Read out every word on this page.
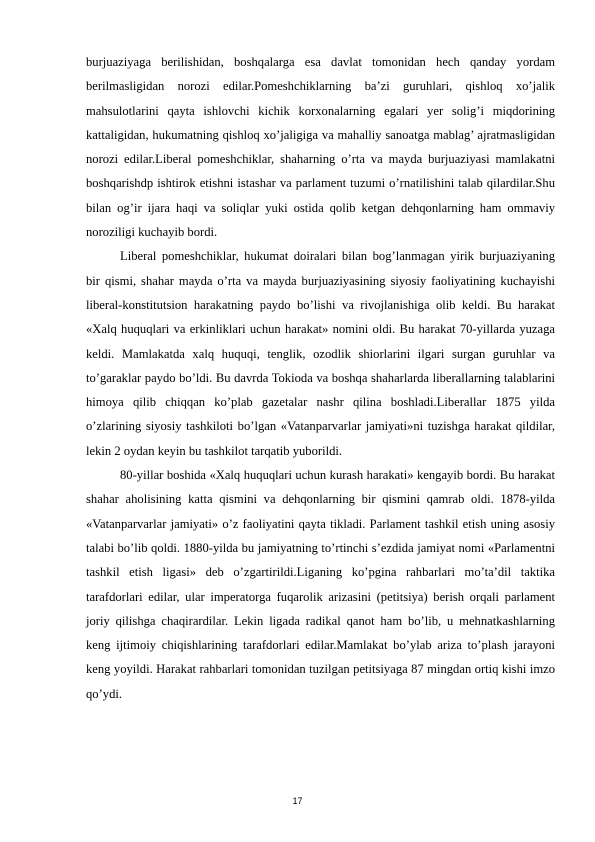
burjuaziyaga berilishidan, boshqalarga esa davlat tomonidan hech qanday yordam berilmasligidan norozi edilar.Pomeshchiklarning ba’zi guruhlari, qishloq xo’jalik mahsulotlarini qayta ishlovchi kichik korxonalarning egalari yer solig’i miqdorining kattaligidan, hukumatning qishloq xo’jaligiga va mahalliy sanoatga mablag’ ajratmasligidan norozi edilar.Liberal pomeshchiklar, shaharning o’rta va mayda burjuaziyasi mamlakatni boshqarishdp ishtirok etishni istashar va parlament tuzumi o’rnatilishini talab qilardilar.Shu bilan og’ir ijara haqi va soliqlar yuki ostida qolib ketgan dehqonlarning ham ommaviy noroziligi kuchayib bordi.

Liberal pomeshchiklar, hukumat doiralari bilan bog’lanmagan yirik burjuaziyaning bir qismi, shahar mayda o’rta va mayda burjuaziyasining siyosiy faoliyatining kuchayishi liberal-konstitutsion harakatning paydo bo’lishi va rivojlanishiga olib keldi. Bu harakat «Xalq huquqlari va erkinliklari uchun harakat» nomini oldi. Bu harakat 70-yillarda yuzaga keldi. Mamlakatda xalq huquqi, tenglik, ozodlik shiorlarini ilgari surgan guruhlar va to’garaklar paydo bo’ldi. Bu davrda Tokioda va boshqa shaharlarda liberallarning talablarini himoya qilib chiqqan ko’plab gazetalar nashr qilina boshladi.Liberallar 1875 yilda o’zlarining siyosiy tashkiloti bo’lgan «Vatanparvarlar jamiyati»ni tuzishga harakat qildilar, lekin 2 oydan keyin bu tashkilot tarqatib yuborildi.

80-yillar boshida «Xalq huquqlari uchun kurash harakati» kengayib bordi. Bu harakat shahar aholisining katta qismini va dehqonlarning bir qismini qamrab oldi. 1878-yilda «Vatanparvarlar jamiyati» o’z faoliyatini qayta tikladi. Parlament tashkil etish uning asosiy talabi bo’lib qoldi. 1880-yilda bu jamiyatning to’rtinchi s’ezdida jamiyat nomi «Parlamentni tashkil etish ligasi» deb o’zgartirildi.Liganing ko’pgina rahbarlari mo’ta’dil taktika tarafdorlari edilar, ular imperatorga fuqarolik arizasini (petitsiya) berish orqali parlament joriy qilishga chaqirardilar. Lekin ligada radikal qanot ham bo’lib, u mehnatkashlarning keng ijtimoiy chiqishlarining tarafdorlari edilar.Mamlakat bo’ylab ariza to’plash jarayoni keng yoyildi. Harakat rahbarlari tomonidan tuzilgan petitsiyaga 87 mingdan ortiq kishi imzo qo’ydi.

17
